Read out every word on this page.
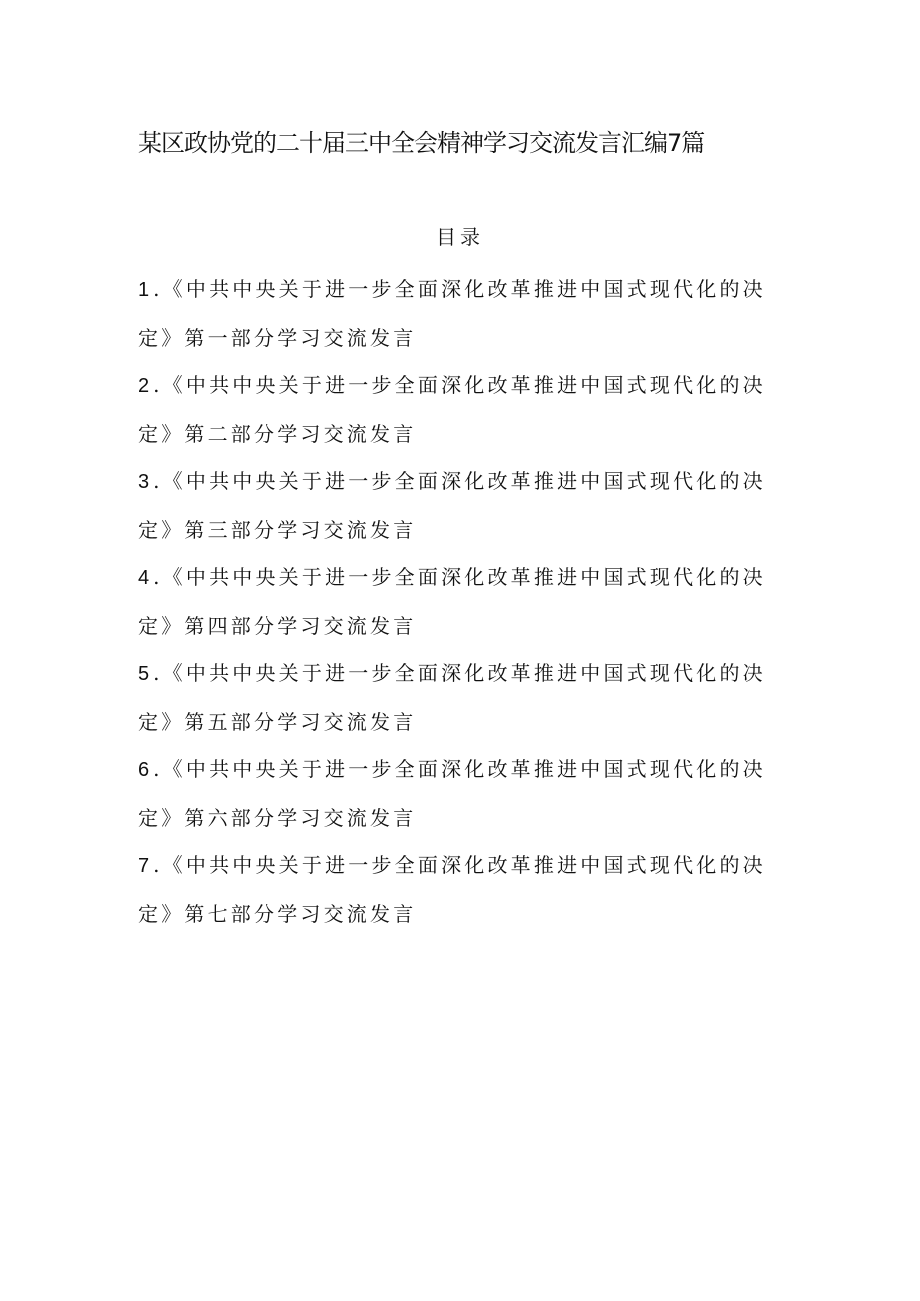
某区政协党的二十届三中全会精神学习交流发言汇编7篇
目录
1 .《中共中央关于进一步全面深化改革推进中国式现代化的决
定》第一部分学习交流发言
2 .《中共中央关于进一步全面深化改革推进中国式现代化的决
定》第二部分学习交流发言
3 .《中共中央关于进一步全面深化改革推进中国式现代化的决
定》第三部分学习交流发言
4 .《中共中央关于进一步全面深化改革推进中国式现代化的决
定》第四部分学习交流发言
5 .《中共中央关于进一步全面深化改革推进中国式现代化的决
定》第五部分学习交流发言
6 .《中共中央关于进一步全面深化改革推进中国式现代化的决
定》第六部分学习交流发言
7 .《中共中央关于进一步全面深化改革推进中国式现代化的决
定》第七部分学习交流发言
